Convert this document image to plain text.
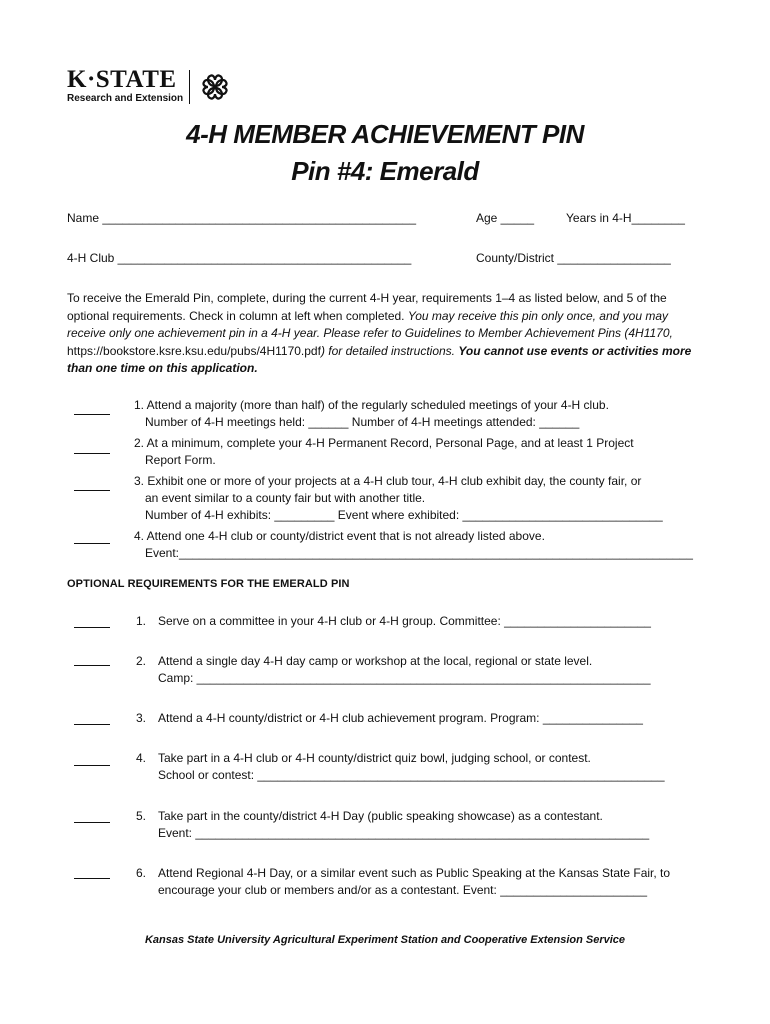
K·STATE
Research and Extension
H
4-H MEMBER ACHIEVEMENT PIN
Pin #4: Emerald
Name _______________________________________________	Age _____	Years in 4-H________
4-H Club ____________________________________________	County/District _________________
To receive the Emerald Pin, complete, during the current 4-H year, requirements 1–4 as listed below, and 5 of the optional requirements. Check in column at left when completed. You may receive this pin only once, and you may receive only one achievement pin in a 4-H year. Please refer to Guidelines to Member Achievement Pins (4H1170, https://bookstore.ksre.ksu.edu/pubs/4H1170.pdf) for detailed instructions. You cannot use events or activities more than one time on this application.
1. Attend a majority (more than half) of the regularly scheduled meetings of your 4-H club.
Number of 4-H meetings held: ______ Number of 4-H meetings attended: ______
2. At a minimum, complete your 4-H Permanent Record, Personal Page, and at least 1 Project
Report Form.
3. Exhibit one or more of your projects at a 4-H club tour, 4-H club exhibit day, the county fair, or
an event similar to a county fair but with another title.
Number of 4-H exhibits: _________ Event where exhibited: ______________________________
4. Attend one 4-H club or county/district event that is not already listed above.
Event:_____________________________________________________________________________
OPTIONAL REQUIREMENTS FOR THE EMERALD PIN
1. Serve on a committee in your 4-H club or 4-H group. Committee: ______________________
2. Attend a single day 4-H day camp or workshop at the local, regional or state level.
Camp: ____________________________________________________________________
3. Attend a 4-H county/district or 4-H club achievement program. Program: _______________
4. Take part in a 4-H club or 4-H county/district quiz bowl, judging school, or contest.
School or contest: _____________________________________________________________
5. Take part in the county/district 4-H Day (public speaking showcase) as a contestant.
Event: ____________________________________________________________________
6. Attend Regional 4-H Day, or a similar event such as Public Speaking at the Kansas State Fair, to
encourage your club or members and/or as a contestant. Event: ______________________
Kansas State University Agricultural Experiment Station and Cooperative Extension Service
